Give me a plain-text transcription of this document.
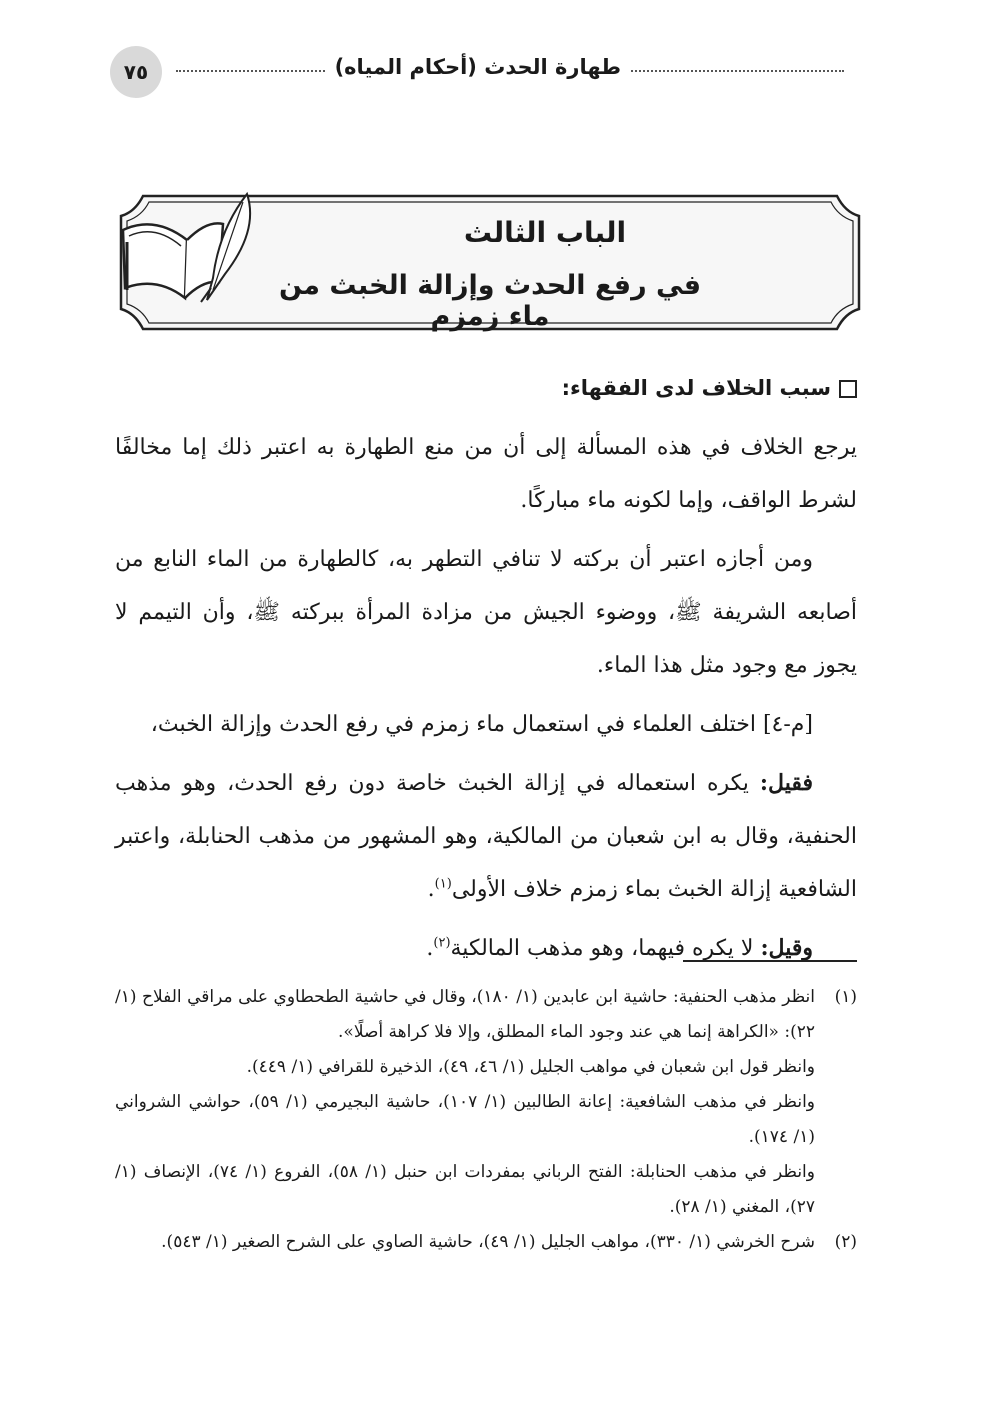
٧٥	طهارة الحدث (أحكام المياه)
الباب الثالث
في رفع الحدث وإزالة الخبث من ماء زمزم
سبب الخلاف لدى الفقهاء:

يرجع الخلاف في هذه المسألة إلى أن من منع الطهارة به اعتبر ذلك إما مخالفًا لشرط الواقف، وإما لكونه ماء مباركًا.

ومن أجازه اعتبر أن بركته لا تنافي التطهر به، كالطهارة من الماء النابع من أصابعه الشريفة ﷺ، ووضوء الجيش من مزادة المرأة ببركته ﷺ، وأن التيمم لا يجوز مع وجود مثل هذا الماء.

[م-٤] اختلف العلماء في استعمال ماء زمزم في رفع الحدث وإزالة الخبث،

فقيل: يكره استعماله في إزالة الخبث خاصة دون رفع الحدث، وهو مذهب الحنفية، وقال به ابن شعبان من المالكية، وهو المشهور من مذهب الحنابلة، واعتبر الشافعية إزالة الخبث بماء زمزم خلاف الأولى$^{(١)}$.

وقيل: لا يكره فيهما، وهو مذهب المالكية$^{(٢)}$.

(١)

انظر مذهب الحنفية: حاشية ابن عابدين (١/ ١٨٠)، وقال في حاشية الطحطاوي على مراقي الفلاح (١/ ٢٢): «الكراهة إنما هي عند وجود الماء المطلق، وإلا فلا كراهة أصلًا».

وانظر قول ابن شعبان في مواهب الجليل (١/ ٤٦، ٤٩)، الذخيرة للقرافي (١/ ٤٤٩).

وانظر في مذهب الشافعية: إعانة الطالبين (١/ ١٠٧)، حاشية البجيرمي (١/ ٥٩)، حواشي الشرواني (١/ ١٧٤).

وانظر في مذهب الحنابلة: الفتح الرباني بمفردات ابن حنبل (١/ ٥٨)، الفروع (١/ ٧٤)، الإنصاف (١/ ٢٧)، المغني (١/ ٢٨).

(٢)

شرح الخرشي (١/ ٣٣٠)، مواهب الجليل (١/ ٤٩)، حاشية الصاوي على الشرح الصغير (١/ ٥٤٣).
